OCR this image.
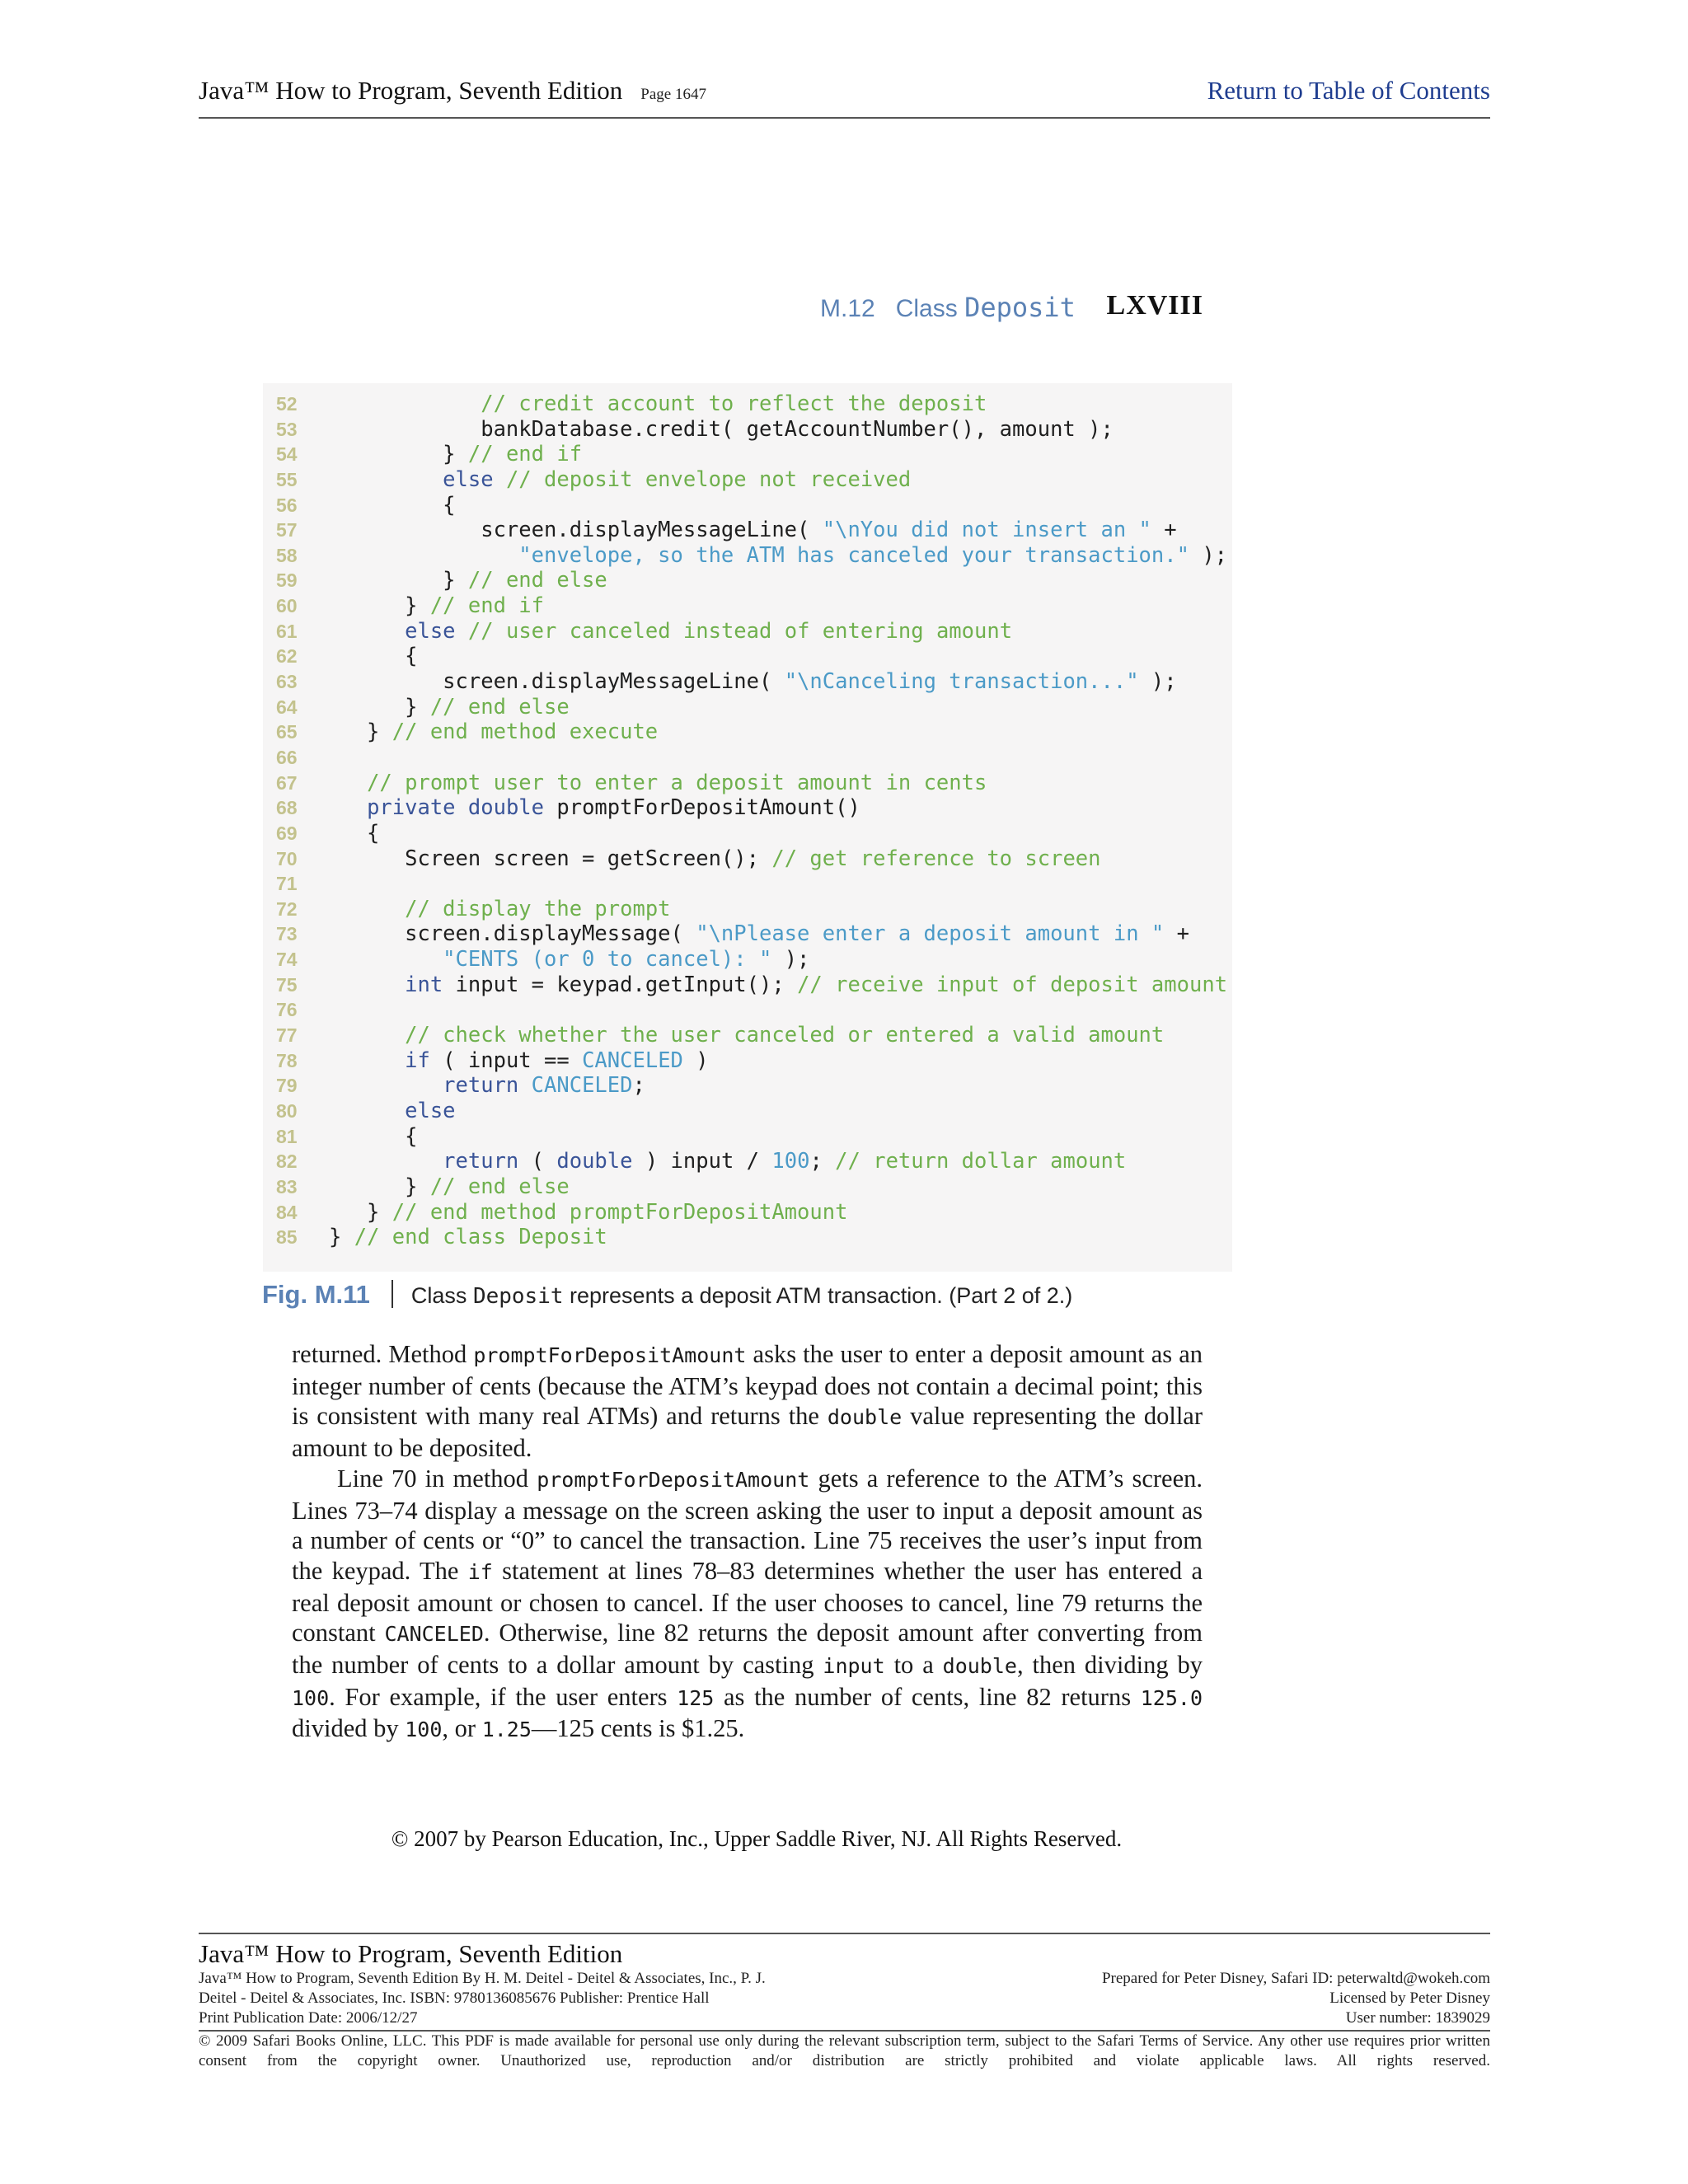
Java™ How to Program, Seventh Edition Page 1647	Return to Table of Contents
M.12 Class Deposit LXVIII
52	// credit account to reflect the deposit
53            bankDatabase.credit( getAccountNumber(), amount );
54         } // end if
55	else // deposit envelope not received
56         {
57            screen.displayMessageLine( "\nYou did not insert an " +
58	"envelope, so the ATM has canceled your transaction." );
59         } // end else
60      } // end if
61	else // user canceled instead of entering amount
62      {
63         screen.displayMessageLine( "\nCanceling transaction..." );
64      } // end else
65   } // end method execute
66
67	// prompt user to enter a deposit amount in cents
68	private double promptForDepositAmount()
69   {
70      Screen screen = getScreen(); // get reference to screen
71
72	// display the prompt
73      screen.displayMessage( "\nPlease enter a deposit amount in " +
74	"CENTS (or 0 to cancel): " );
75	int input = keypad.getInput(); // receive input of deposit amount
76
77	// check whether the user canceled or entered a valid amount
78	if ( input == CANCELED )
79	return CANCELED;
80	else
81      {
82	return ( double ) input / 100; // return dollar amount
83      } // end else
84   } // end method promptForDepositAmount
85 } // end class Deposit
Fig. M.11 Class Deposit represents a deposit ATM transaction. (Part 2 of 2.)

returned. Method promptForDepositAmount asks the user to enter a deposit amount as an integer number of cents (because the ATM’s keypad does not contain a decimal point; this is consistent with many real ATMs) and returns the double value representing the dollar amount to be deposited.

Line 70 in method promptForDepositAmount gets a reference to the ATM’s screen. Lines 73–74 display a message on the screen asking the user to input a deposit amount as a number of cents or “0” to cancel the transaction. Line 75 receives the user’s input from the keypad. The if statement at lines 78–83 determines whether the user has entered a real deposit amount or chosen to cancel. If the user chooses to cancel, line 79 returns the constant CANCELED. Otherwise, line 82 returns the deposit amount after converting from the number of cents to a dollar amount by casting input to a double, then dividing by 100. For example, if the user enters 125 as the number of cents, line 82 returns 125.0 divided by 100, or 1.25—125 cents is $1.25.

© 2007 by Pearson Education, Inc., Upper Saddle River, NJ. All Rights Reserved.
Java™ How to Program, Seventh Edition
Java™ How to Program, Seventh Edition By H. M. Deitel - Deitel & Associates, Inc., P. J.	Prepared for Peter Disney, Safari ID: peterwaltd@wokeh.com
Deitel - Deitel & Associates, Inc. ISBN: 9780136085676 Publisher: Prentice Hall	Licensed by Peter Disney
Print Publication Date: 2006/12/27	User number: 1839029
© 2009 Safari Books Online, LLC. This PDF is made available for personal use only during the relevant subscription term, subject to the Safari Terms of Service. Any other use requires prior written consent from the copyright owner. Unauthorized use, reproduction and/or distribution are strictly prohibited and violate applicable laws. All rights reserved.
